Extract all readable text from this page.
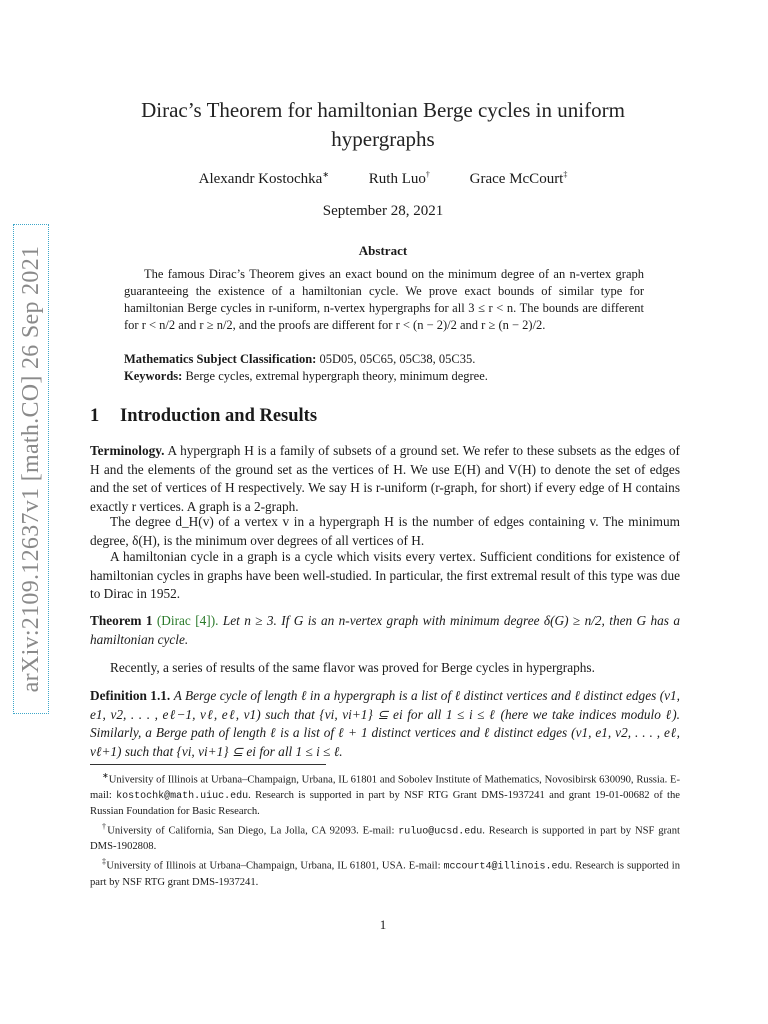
arXiv:2109.12637v1 [math.CO] 26 Sep 2021
Dirac’s Theorem for hamiltonian Berge cycles in uniform hypergraphs
Alexandr Kostochka∗	Ruth Luo†	Grace McCourt‡
September 28, 2021
Abstract
The famous Dirac’s Theorem gives an exact bound on the minimum degree of an n-vertex graph guaranteeing the existence of a hamiltonian cycle. We prove exact bounds of similar type for hamiltonian Berge cycles in r-uniform, n-vertex hypergraphs for all 3 ≤ r < n. The bounds are different for r < n/2 and r ≥ n/2, and the proofs are different for r < (n − 2)/2 and r ≥ (n − 2)/2.
Mathematics Subject Classification: 05D05, 05C65, 05C38, 05C35.
Keywords: Berge cycles, extremal hypergraph theory, minimum degree.
1 Introduction and Results
Terminology. A hypergraph H is a family of subsets of a ground set. We refer to these subsets as the edges of H and the elements of the ground set as the vertices of H. We use E(H) and V(H) to denote the set of edges and the set of vertices of H respectively. We say H is r-uniform (r-graph, for short) if every edge of H contains exactly r vertices. A graph is a 2-graph.
The degree d_H(v) of a vertex v in a hypergraph H is the number of edges containing v. The minimum degree, δ(H), is the minimum over degrees of all vertices of H.
A hamiltonian cycle in a graph is a cycle which visits every vertex. Sufficient conditions for existence of hamiltonian cycles in graphs have been well-studied. In particular, the first extremal result of this type was due to Dirac in 1952.
Theorem 1 (Dirac [4]). Let n ≥ 3. If G is an n-vertex graph with minimum degree δ(G) ≥ n/2, then G has a hamiltonian cycle.
Recently, a series of results of the same flavor was proved for Berge cycles in hypergraphs.
Definition 1.1. A Berge cycle of length ℓ in a hypergraph is a list of ℓ distinct vertices and ℓ distinct edges (v1, e1, v2, . . . , eℓ−1, vℓ, eℓ, v1) such that {vi, vi+1} ⊆ ei for all 1 ≤ i ≤ ℓ (here we take indices modulo ℓ). Similarly, a Berge path of length ℓ is a list of ℓ + 1 distinct vertices and ℓ distinct edges (v1, e1, v2, . . . , eℓ, vℓ+1) such that {vi, vi+1} ⊆ ei for all 1 ≤ i ≤ ℓ.

∗University of Illinois at Urbana–Champaign, Urbana, IL 61801 and Sobolev Institute of Mathematics, Novosibirsk 630090, Russia. E-mail: kostochk@math.uiuc.edu. Research is supported in part by NSF RTG Grant DMS-1937241 and grant 19-01-00682 of the Russian Foundation for Basic Research.

†University of California, San Diego, La Jolla, CA 92093. E-mail: ruluo@ucsd.edu. Research is supported in part by NSF grant DMS-1902808.

‡University of Illinois at Urbana–Champaign, Urbana, IL 61801, USA. E-mail: mccourt4@illinois.edu. Research is supported in part by NSF RTG grant DMS-1937241.

1
